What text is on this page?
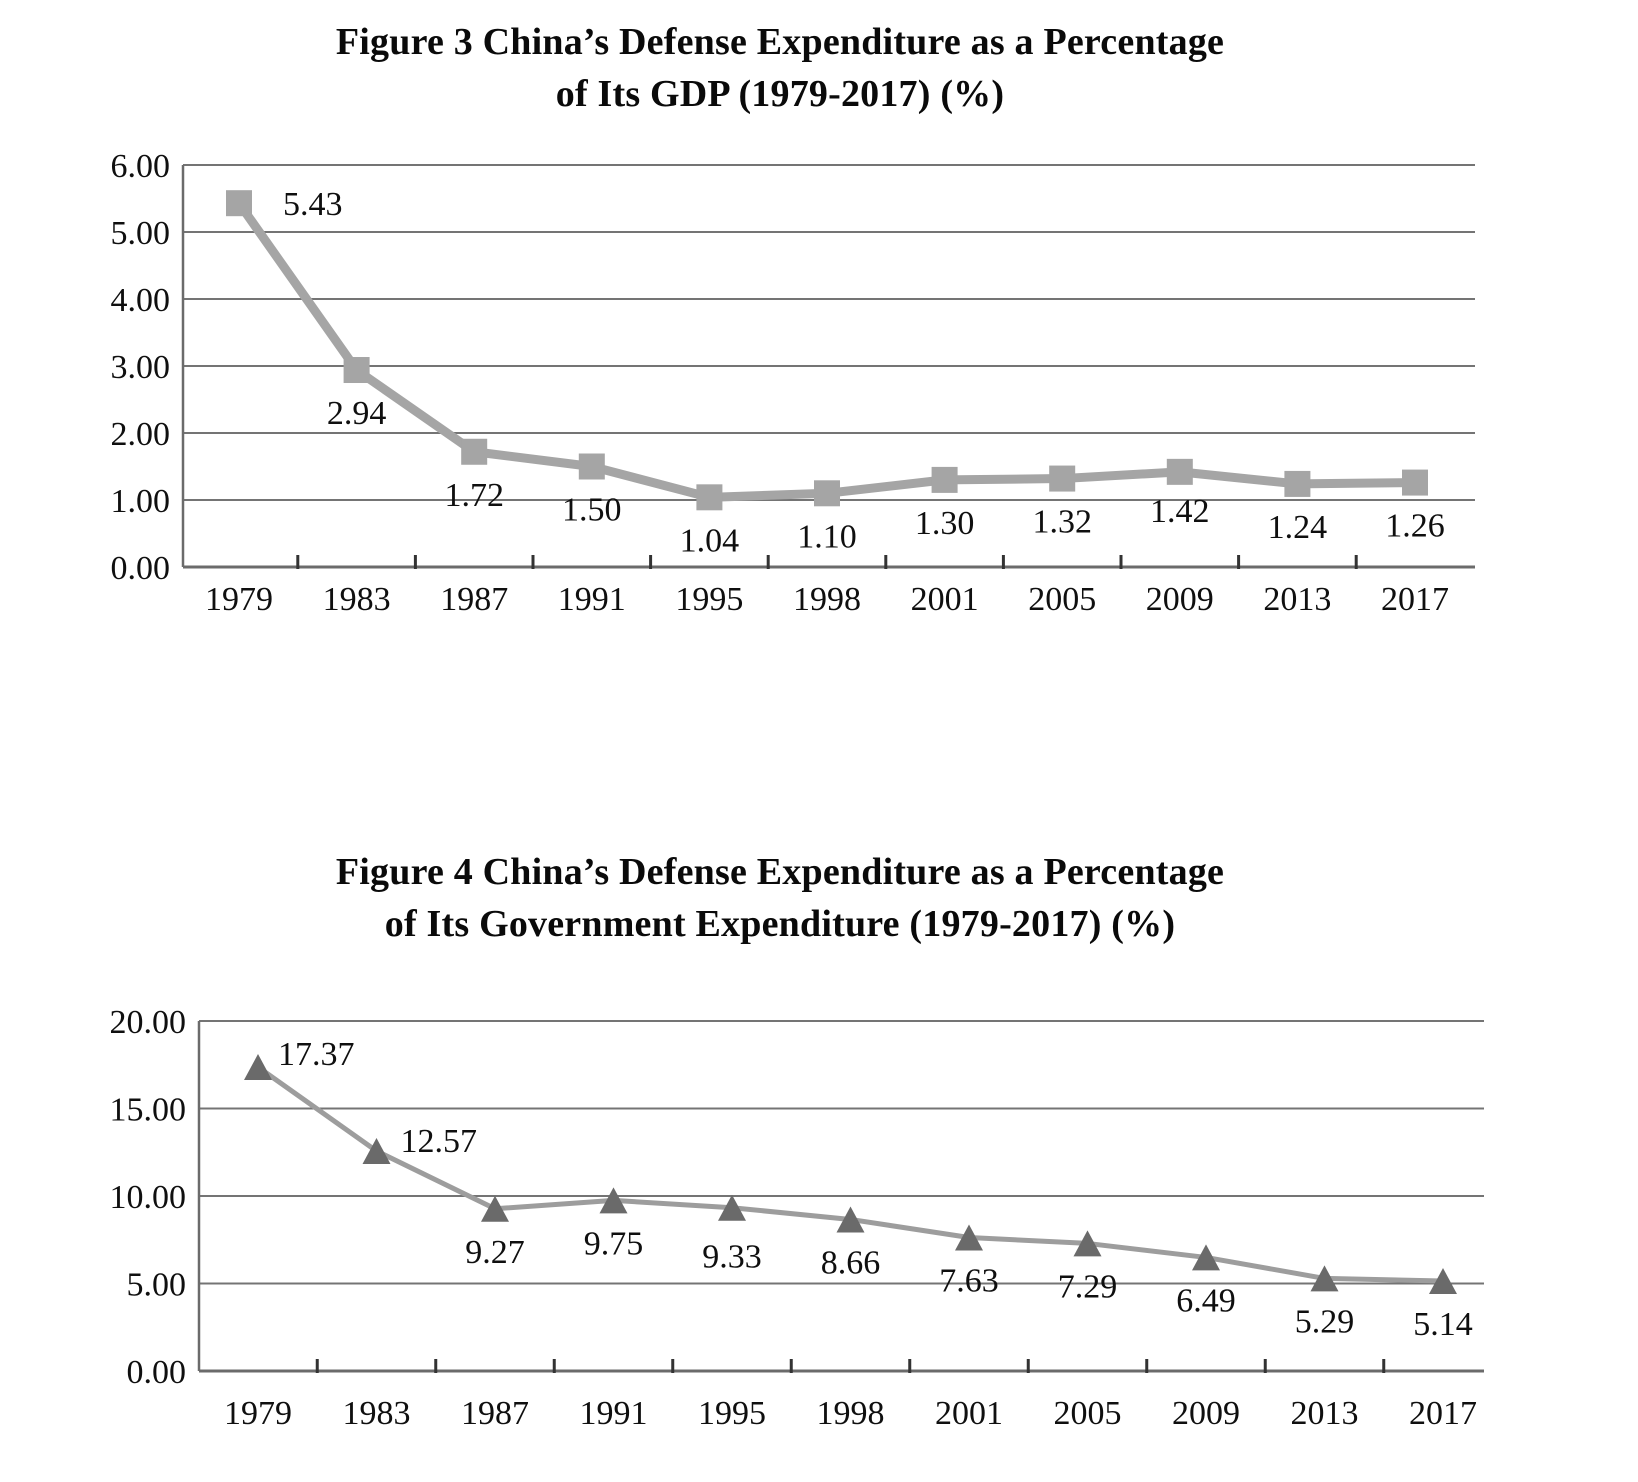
Figure 3 China’s Defense Expenditure as a Percentage
of Its GDP (1979-2017) (%)
Figure 4 China’s Defense Expenditure as a Percentage
of Its Government Expenditure (1979-2017) (%)
0.00
1.00
2.00
3.00
4.00
5.00
6.00
1979 1983 1987 1991 1995 1998 2001 2005 2009 2013 2017
5.43
2.94
1.72 1.50
1.04 1.10 1.30 1.32 1.42 1.24 1.26
0.00
5.00
10.00
15.00
20.00
1979 1983 1987 1991 1995 1998 2001 2005 2009 2013 2017
17.37
12.57
9.27 9.75 9.33 8.66 7.63 7.29 6.49
5.29 5.14
